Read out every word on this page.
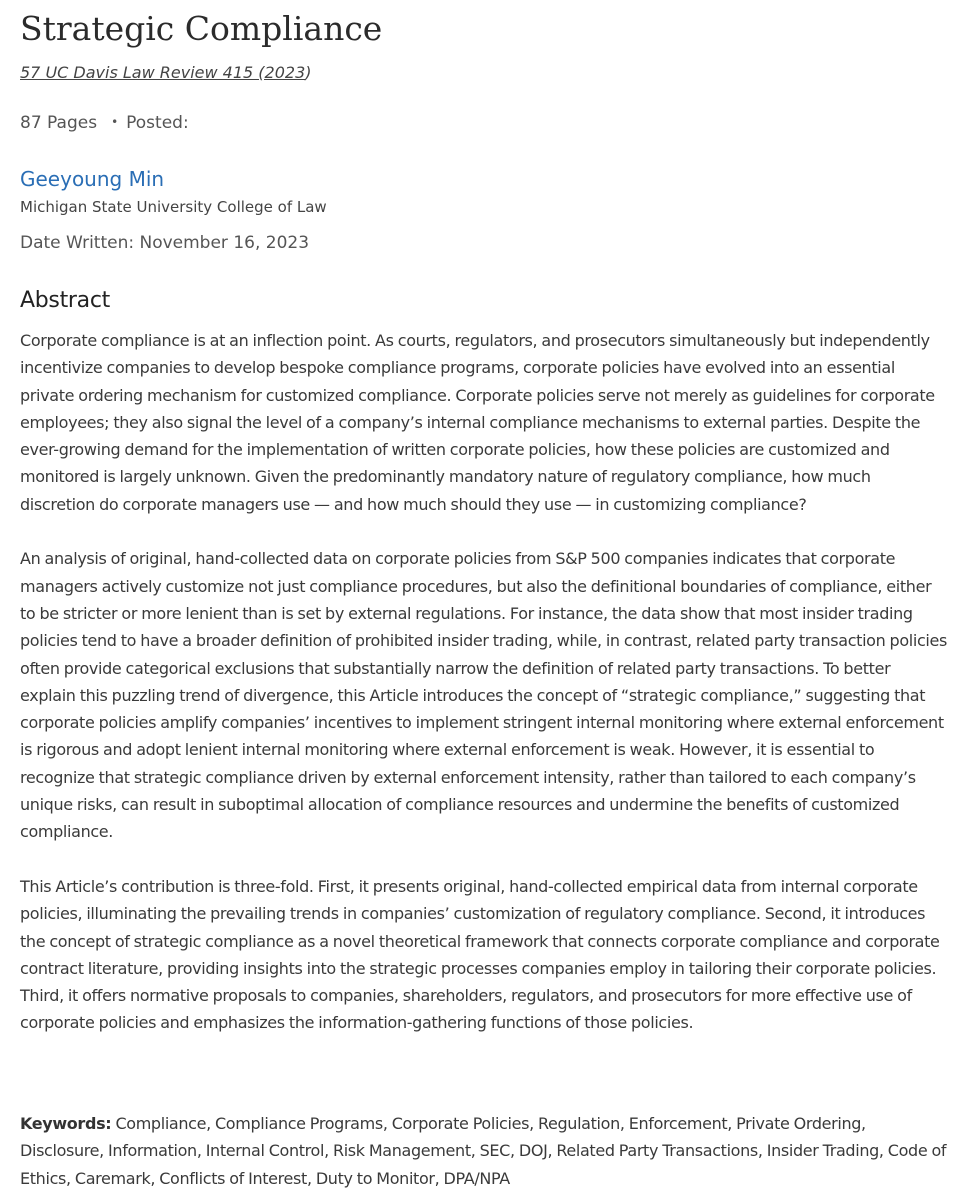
Strategic Compliance
57 UC Davis Law Review 415 (2023)
87 Pages • Posted:
Geeyoung Min
Michigan State University College of Law
Date Written: November 16, 2023
Abstract

Corporate compliance is at an inflection point. As courts, regulators, and prosecutors simultaneously but independently incentivize companies to develop bespoke compliance programs, corporate policies have evolved into an essential private ordering mechanism for customized compliance. Corporate policies serve not merely as guidelines for corporate employees; they also signal the level of a company’s internal compliance mechanisms to external parties. Despite the ever-growing demand for the implementation of written corporate policies, how these policies are customized and monitored is largely unknown. Given the predominantly mandatory nature of regulatory compliance, how much discretion do corporate managers use — and how much should they use — in customizing compliance?

An analysis of original, hand-collected data on corporate policies from S&P 500 companies indicates that corporate managers actively customize not just compliance procedures, but also the definitional boundaries of compliance, either to be stricter or more lenient than is set by external regulations. For instance, the data show that most insider trading policies tend to have a broader definition of prohibited insider trading, while, in contrast, related party transaction policies often provide categorical exclusions that substantially narrow the definition of related party transactions. To better explain this puzzling trend of divergence, this Article introduces the concept of “strategic compliance,” suggesting that corporate policies amplify companies’ incentives to implement stringent internal monitoring where external enforcement is rigorous and adopt lenient internal monitoring where external enforcement is weak. However, it is essential to recognize that strategic compliance driven by external enforcement intensity, rather than tailored to each company’s unique risks, can result in suboptimal allocation of compliance resources and undermine the benefits of customized compliance.

This Article’s contribution is three-fold. First, it presents original, hand-collected empirical data from internal corporate policies, illuminating the prevailing trends in companies’ customization of regulatory compliance. Second, it introduces the concept of strategic compliance as a novel theoretical framework that connects corporate compliance and corporate contract literature, providing insights into the strategic processes companies employ in tailoring their corporate policies. Third, it offers normative proposals to companies, shareholders, regulators, and prosecutors for more effective use of corporate policies and emphasizes the information-gathering functions of those policies.

Keywords: Compliance, Compliance Programs, Corporate Policies, Regulation, Enforcement, Private Ordering, Disclosure, Information, Internal Control, Risk Management, SEC, DOJ, Related Party Transactions, Insider Trading, Code of Ethics, Caremark, Conflicts of Interest, Duty to Monitor, DPA/NPA
